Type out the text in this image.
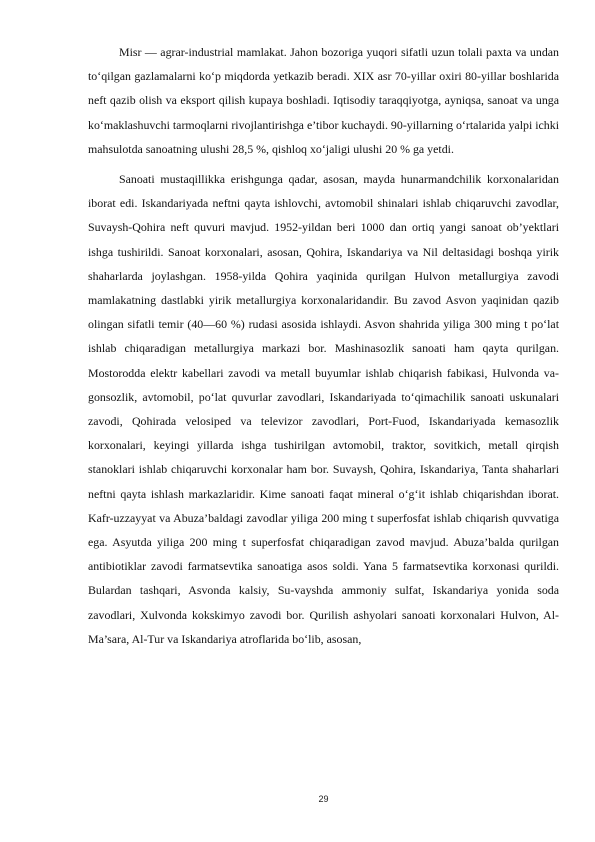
Misr — agrar-industrial mamlakat. Jahon bozoriga yuqori sifatli uzun tolali paxta va undan to‘qilgan gazlamalarni ko‘p miqdorda yetkazib beradi. XIX asr 70-yillar oxiri 80-yillar boshlarida neft qazib olish va eksport qilish kupaya boshladi. Iqtisodiy taraqqiyotga, ayniqsa, sanoat va unga ko‘maklashuvchi tarmoqlarni rivojlantirishga e’tibor kuchaydi. 90-yillarning o‘rtalarida yalpi ichki mahsulotda sanoatning ulushi 28,5 %, qishloq xo‘jaligi ulushi 20 % ga yetdi.

Sanoati mustaqillikka erishgunga qadar, asosan, mayda hunarmandchilik korxonalaridan iborat edi. Iskandariyada neftni qayta ishlovchi, avtomobil shinalari ishlab chiqaruvchi zavodlar, Suvaysh-Qohira neft quvuri mavjud. 1952-yildan beri 1000 dan ortiq yangi sanoat ob’yektlari ishga tushirildi. Sanoat korxonalari, asosan, Qohira, Iskandariya va Nil deltasidagi boshqa yirik shaharlarda joylashgan. 1958-yilda Qohira yaqinida qurilgan Hulvon metallurgiya zavodi mamlakatning dastlabki yirik metallurgiya korxonalaridandir. Bu zavod Asvon yaqinidan qazib olingan sifatli temir (40—60 %) rudasi asosida ishlaydi. Asvon shahrida yiliga 300 ming t po‘lat ishlab chiqaradigan metallurgiya markazi bor. Mashinasozlik sanoati ham qayta qurilgan. Mostorodda elektr kabellari zavodi va metall buyumlar ishlab chiqarish fabikasi, Hulvonda va-gonsozlik, avtomobil, po‘lat quvurlar zavodlari, Iskandariyada to‘qimachilik sanoati uskunalari zavodi, Qohirada velosiped va televizor zavodlari, Port-Fuod, Iskandariyada kemasozlik korxonalari, keyingi yillarda ishga tushirilgan avtomobil, traktor, sovitkich, metall qirqish stanoklari ishlab chiqaruvchi korxonalar ham bor. Suvaysh, Qohira, Iskandariya, Tanta shaharlari neftni qayta ishlash markazlaridir. Kime sanoati faqat mineral o‘g‘it ishlab chiqarishdan iborat. Kafr-uzzayyat va Abuza’baldagi zavodlar yiliga 200 ming t superfosfat ishlab chiqarish quvvatiga ega. Asyutda yiliga 200 ming t superfosfat chiqaradigan zavod mavjud. Abuza’balda qurilgan antibiotiklar zavodi farmatsevtika sanoatiga asos soldi. Yana 5 farmatsevtika korxonasi qurildi. Bulardan tashqari, Asvonda kalsiy, Su-vayshda ammoniy sulfat, Iskandariya yonida soda zavodlari, Xulvonda kokskimyo zavodi bor. Qurilish ashyolari sanoati korxonalari Hulvon, Al-Ma’sara, Al-Tur va Iskandariya atroflarida bo‘lib, asosan,

29
